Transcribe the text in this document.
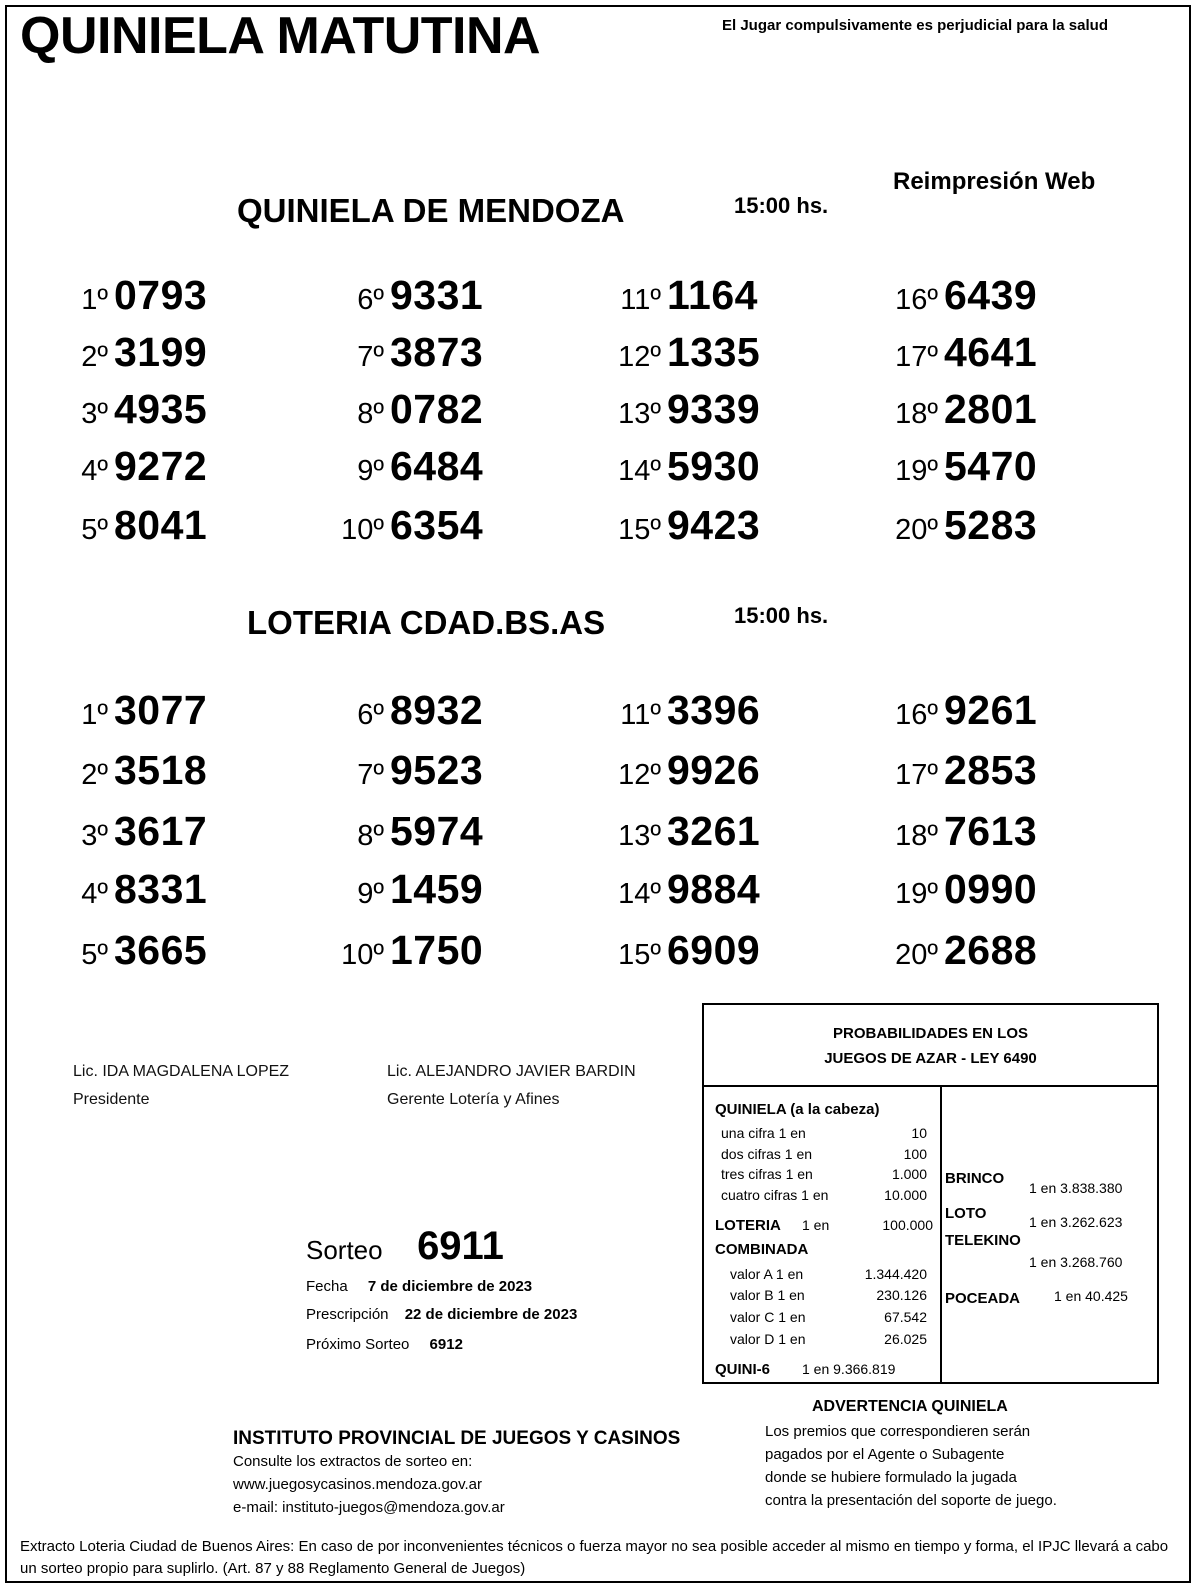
QUINIELA MATUTINA	El Jugar compulsivamente es perjudicial para la salud
Reimpresión Web
QUINIELA DE MENDOZA	15:00 hs.
1º 0793
2º 3199
3º 4935
4º 9272
5º 8041
6º 9331
7º 3873
8º 0782
9º 6484
10º 6354
11º 1164
12º 1335
13º 9339
14º 5930
15º 9423
16º 6439
17º 4641
18º 2801
19º 5470
20º 5283
LOTERIA CDAD.BS.AS	15:00 hs.
1º 3077
2º 3518
3º 3617
4º 8331
5º 3665
6º 8932
7º 9523
8º 5974
9º 1459
10º 1750
11º 3396
12º 9926
13º 3261
14º 9884
15º 6909
16º 9261
17º 2853
18º 7613
19º 0990
20º 2688
Lic. IDA MAGDALENA LOPEZ
Presidente
Lic. ALEJANDRO JAVIER BARDIN
Gerente Lotería y Afines
PROBABILIDADES EN LOS
JUEGOS DE AZAR - LEY 6490
QUINIELA (a la cabeza)
una cifra 1 en	10
dos cifras 1 en	100
tres cifras 1 en	1.000
cuatro cifras 1 en	10.000
LOTERIA 1 en	100.000
COMBINADA
valor A 1 en	1.344.420
valor B 1 en	230.126
valor C 1 en	67.542
valor D 1 en	26.025
QUINI-6 1 en 9.366.819
BRINCO
1 en 3.838.380
LOTO	1 en 3.262.623
TELEKINO
1 en 3.268.760
POCEADA 1 en 40.425
Sorteo 6911
Fecha 7 de diciembre de 2023
Prescripción 22 de diciembre de 2023
Próximo Sorteo 6912
INSTITUTO PROVINCIAL DE JUEGOS Y CASINOS
Consulte los extractos de sorteo en:
www.juegosycasinos.mendoza.gov.ar
e-mail: instituto-juegos@mendoza.gov.ar
ADVERTENCIA QUINIELA
Los premios que correspondieren serán
pagados por el Agente o Subagente
donde se hubiere formulado la jugada
contra la presentación del soporte de juego.
Extracto Loteria Ciudad de Buenos Aires: En caso de por inconvenientes técnicos o fuerza mayor no sea posible acceder al mismo en tiempo y forma, el IPJC llevará a cabo un sorteo propio para suplirlo. (Art. 87 y 88 Reglamento General de Juegos)
